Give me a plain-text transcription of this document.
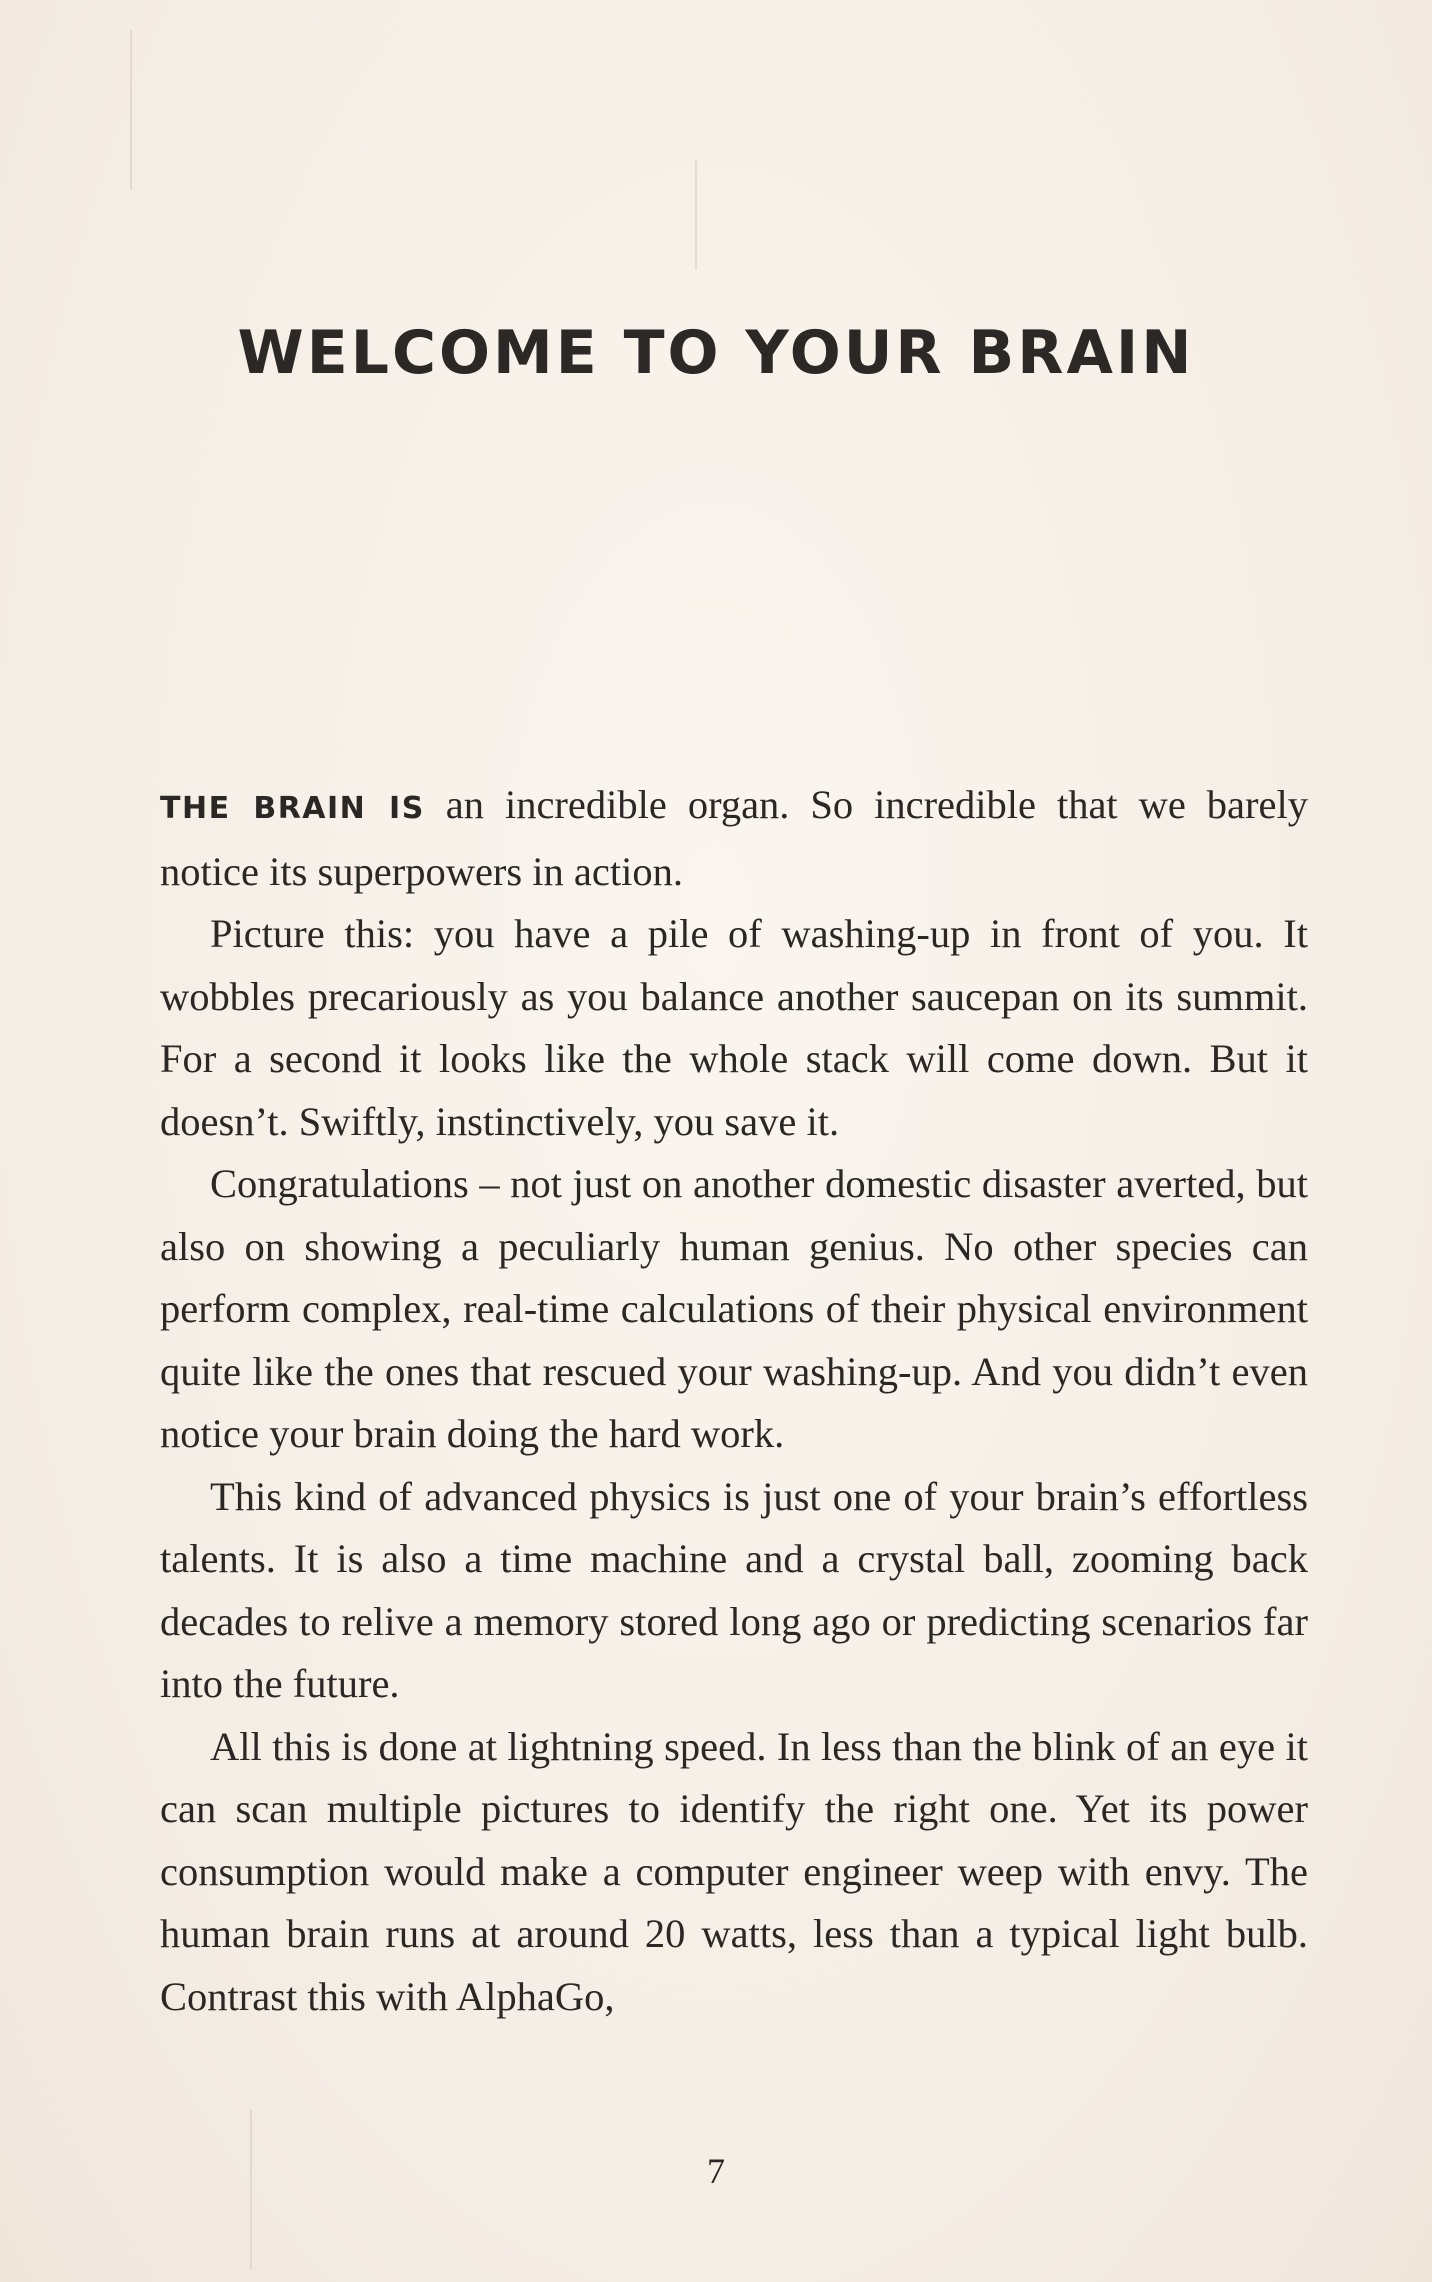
WELCOME TO YOUR BRAIN

THE BRAIN IS an incredible organ. So incredible that we barely notice its superpowers in action.

Picture this: you have a pile of washing-up in front of you. It wobbles precariously as you balance another saucepan on its summit. For a second it looks like the whole stack will come down. But it doesn’t. Swiftly, instinctively, you save it.

Congratulations – not just on another domestic disaster averted, but also on showing a peculiarly human genius. No other species can perform complex, real-time calculations of their physical environment quite like the ones that rescued your washing-up. And you didn’t even notice your brain doing the hard work.

This kind of advanced physics is just one of your brain’s effortless talents. It is also a time machine and a crystal ball, zooming back decades to relive a memory stored long ago or predicting scenarios far into the future.

All this is done at lightning speed. In less than the blink of an eye it can scan multiple pictures to identify the right one. Yet its power consumption would make a computer engineer weep with envy. The human brain runs at around 20 watts, less than a typical light bulb. Contrast this with AlphaGo,

7
